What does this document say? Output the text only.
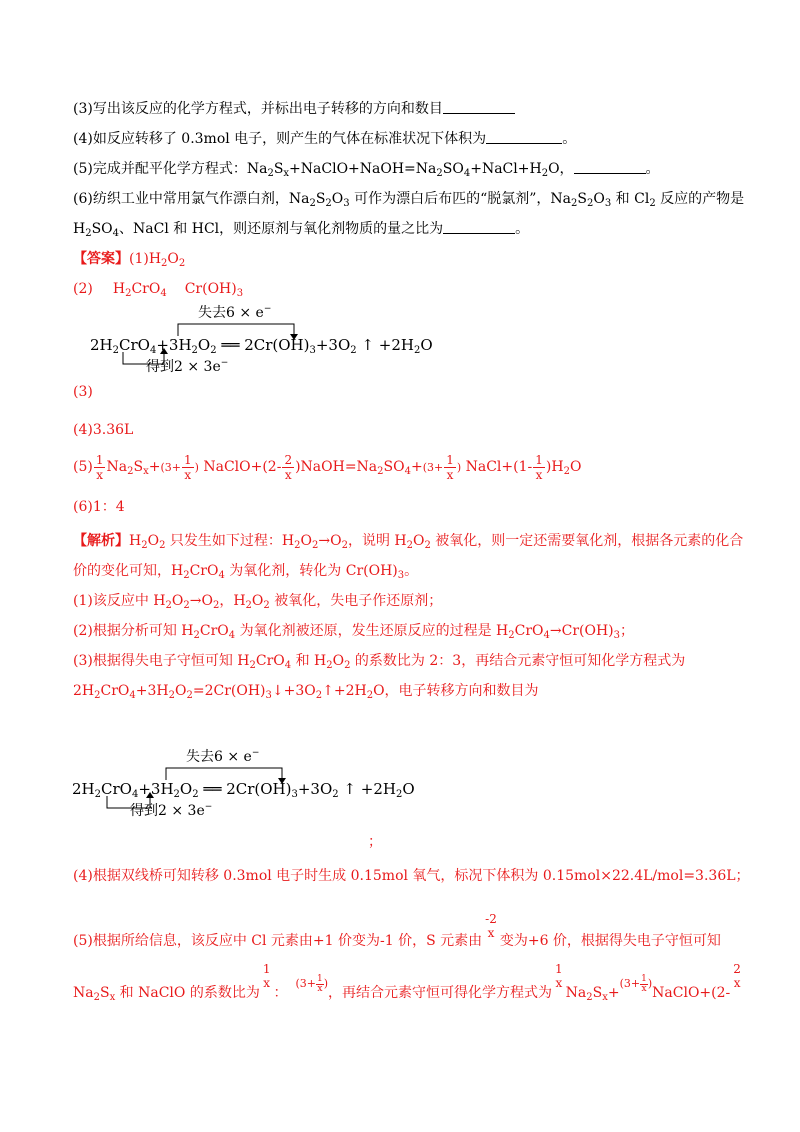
(3)写出该反应的化学方程式，并标出电子转移的方向和数目
(4)如反应转移了 0.3mol 电子，则产生的气体在标准状况下体积为	。
(5)完成并配平化学方程式：$Na_2S_x+NaClO+NaOH=Na_2SO_4+NaCl+H_2O$，	。
(6)纺织工业中常用氯气作漂白剂，$Na_2S_2O_3$ 可作为漂白后布匹的“脱氯剂”，$Na_2S_2O_3$ 和 $Cl_2$ 反应的产物是
$H_2SO_4$、NaCl 和 HCl，则还原剂与氧化剂物质的量之比为	。
【答案】$(1)H_2O_2$
(2) $H_2CrO_4$ $Cr(OH)_3$
失去6 × e−
$2H_2CrO_4+3H_2O_2$ ══ $2Cr(OH)_3+3O_2$ ↑ $+2H_2O$
得到2 × 3e−
(3)
(4)3.36L
$(5) \frac{1}{x} Na_2S_x+(3+ \frac{1}{x}$ ) NaClO+(2- $\frac{2}{x}$ )$NaOH=Na_2SO_4+(3+ \frac{1}{x}$ ) NaCl+(1- $\frac{1}{x} )H_2O$
(6)1：4
【解析】$H_2O_2$ 只发生如下过程：$H_2O_2\to O_2$，说明 $H_2O_2$ 被氧化，则一定还需要氧化剂，根据各元素的化合
价的变化可知，$H_2CrO_4$ 为氧化剂，转化为 $Cr(OH)_3$。
(1)该反应中 $H_2O_2\to O_2$，$H_2O_2$ 被氧化，失电子作还原剂；
(2)根据分析可知 $H_2CrO_4$ 为氧化剂被还原，发生还原反应的过程是 $H_2CrO_4\to Cr(OH)_3$；
(3)根据得失电子守恒可知 $H_2CrO_4$ 和 $H_2O_2$ 的系数比为 2：3，再结合元素守恒可知化学方程式为
$2H_2CrO_4+3H_2O_2=2Cr(OH)_3↓+3O_2↑+2H_2O$，电子转移方向和数目为
失去6 × e−
$2H_2CrO_4+3H_2O_2$ ══ $2Cr(OH)_3+3O_2$ ↑ $+2H_2O$
得到2 × 3e−
；
(4)根据双线桥可知转移 0.3mol 电子时生成 0.15mol 氧气，标况下体积为 0.15mol×22.4L/mol=3.36L；
(5)根据所给信息，该反应中 Cl 元素由+1 价变为-1 价，S 元素由
-2
x 变为+6 价，根据得失电子守恒可知
$Na_2S_x$ 和 NaClO 的系数比为
1
x
：$^{(3+} \frac{1}{x} ^)$，再结合元素守恒可得化学方程式为
1
x
$Na_2S_x+^{(3+} \frac{1}{x}$ )NaClO+(2-
2
x
